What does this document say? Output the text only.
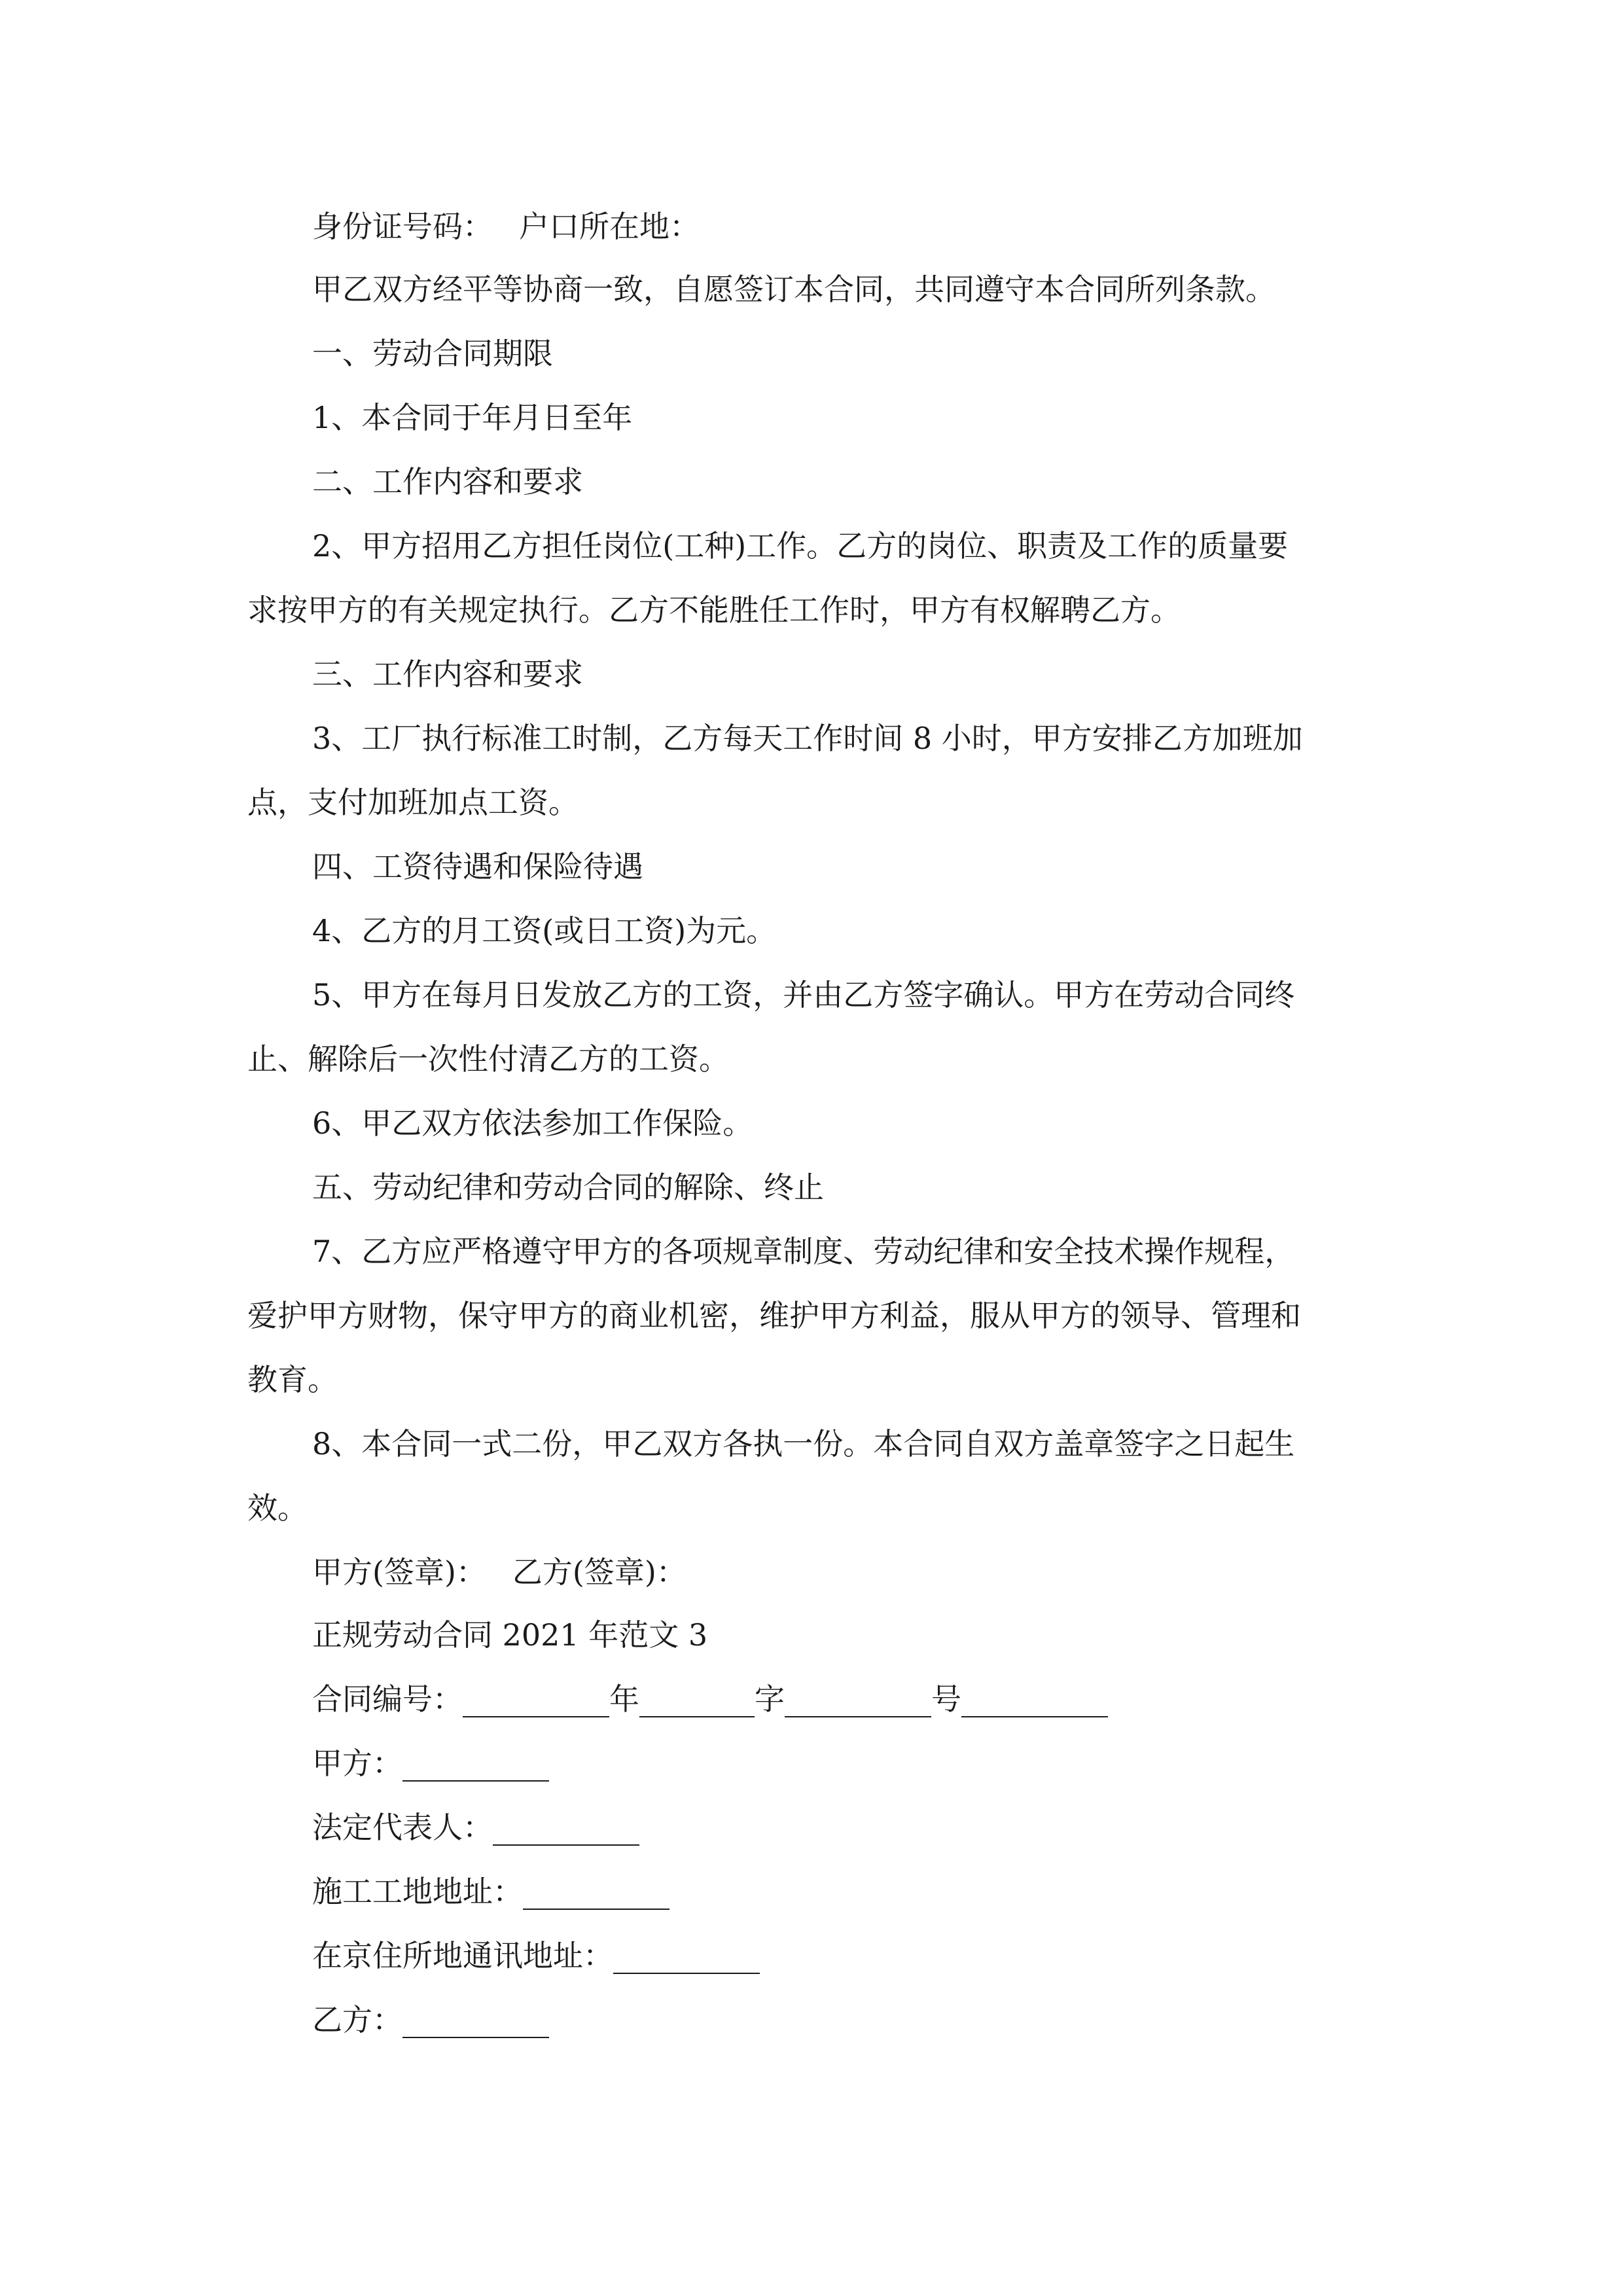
身份证号码： 户口所在地：
甲乙双方经平等协商一致，自愿签订本合同，共同遵守本合同所列条款。
一、劳动合同期限
1、本合同于年月日至年
二、工作内容和要求
2、甲方招用乙方担任岗位(工种)工作。乙方的岗位、职责及工作的质量要
求按甲方的有关规定执行。乙方不能胜任工作时，甲方有权解聘乙方。
三、工作内容和要求
3、工厂执行标准工时制，乙方每天工作时间 8 小时，甲方安排乙方加班加
点，支付加班加点工资。
四、工资待遇和保险待遇
4、乙方的月工资(或日工资)为元。
5、甲方在每月日发放乙方的工资，并由乙方签字确认。甲方在劳动合同终
止、解除后一次性付清乙方的工资。
6、甲乙双方依法参加工作保险。
五、劳动纪律和劳动合同的解除、终止
7、乙方应严格遵守甲方的各项规章制度、劳动纪律和安全技术操作规程，
爱护甲方财物，保守甲方的商业机密，维护甲方利益，服从甲方的领导、管理和
教育。
8、本合同一式二份，甲乙双方各执一份。本合同自双方盖章签字之日起生
效。
甲方(签章)： 乙方(签章)：
正规劳动合同 2021 年范文 3
合同编号：	年	字	号
甲方：
法定代表人：
施工工地地址：
在京住所地通讯地址：
乙方：
